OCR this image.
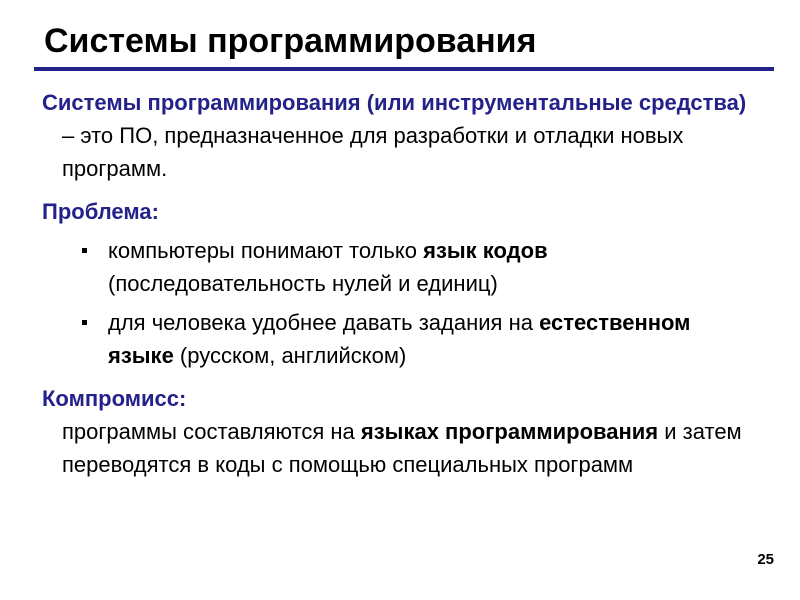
Системы программирования

Системы программирования (или инструментальные средства) – это ПО, предназначенное для разработки и отладки новых программ.

Проблема:
компьютеры понимают только язык кодов (последовательность нулей и единиц)
для человека удобнее давать задания на естественном языке (русском, английском)
Компромисс:

программы составляются на языках программирования и затем переводятся в коды с помощью специальных программ

25
